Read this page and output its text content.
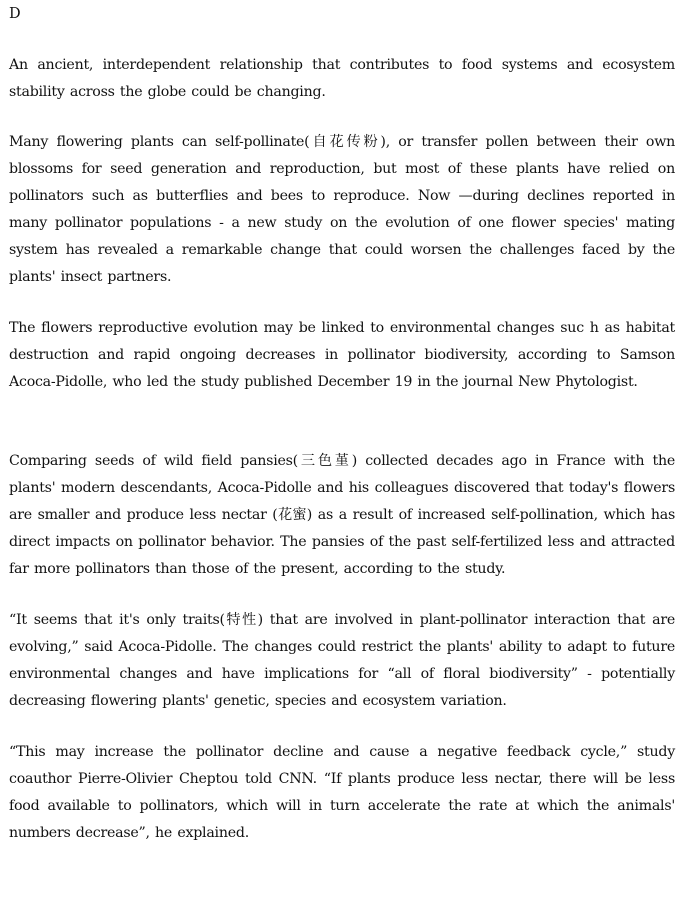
D

An ancient, interdependent relationship that contributes to food systems and ecosystem stability across the globe could be changing.

Many flowering plants can self-pollinate(自花传粉), or transfer pollen between their own blossoms for seed generation and reproduction, but most of these plants have relied on pollinators such as butterflies and bees to reproduce. Now —during declines reported in many pollinator populations - a new study on the evolution of one flower species' mating system has revealed a remarkable change that could worsen the challenges faced by the plants' insect partners.

The flowers reproductive evolution may be linked to environmental changes suc h as habitat destruction and rapid ongoing decreases in pollinator biodiversity, according to Samson Acoca-Pidolle, who led the study published December 19 in the journal New Phytologist.

Comparing seeds of wild field pansies(三色堇) collected decades ago in France with the plants' modern descendants, Acoca-Pidolle and his colleagues discovered that today's flowers are smaller and produce less nectar (花蜜) as a result of increased self-pollination, which has direct impacts on pollinator behavior. The pansies of the past self-fertilized less and attracted far more pollinators than those of the present, according to the study.

“It seems that it's only traits(特性) that are involved in plant-pollinator interaction that are evolving,” said Acoca-Pidolle. The changes could restrict the plants' ability to adapt to future environmental changes and have implications for “all of floral biodiversity” - potentially decreasing flowering plants' genetic, species and ecosystem variation.

“This may increase the pollinator decline and cause a negative feedback cycle,” study coauthor Pierre-Olivier Cheptou told CNN. “If plants produce less nectar, there will be less food available to pollinators, which will in turn accelerate the rate at which the animals' numbers decrease”, he explained.
